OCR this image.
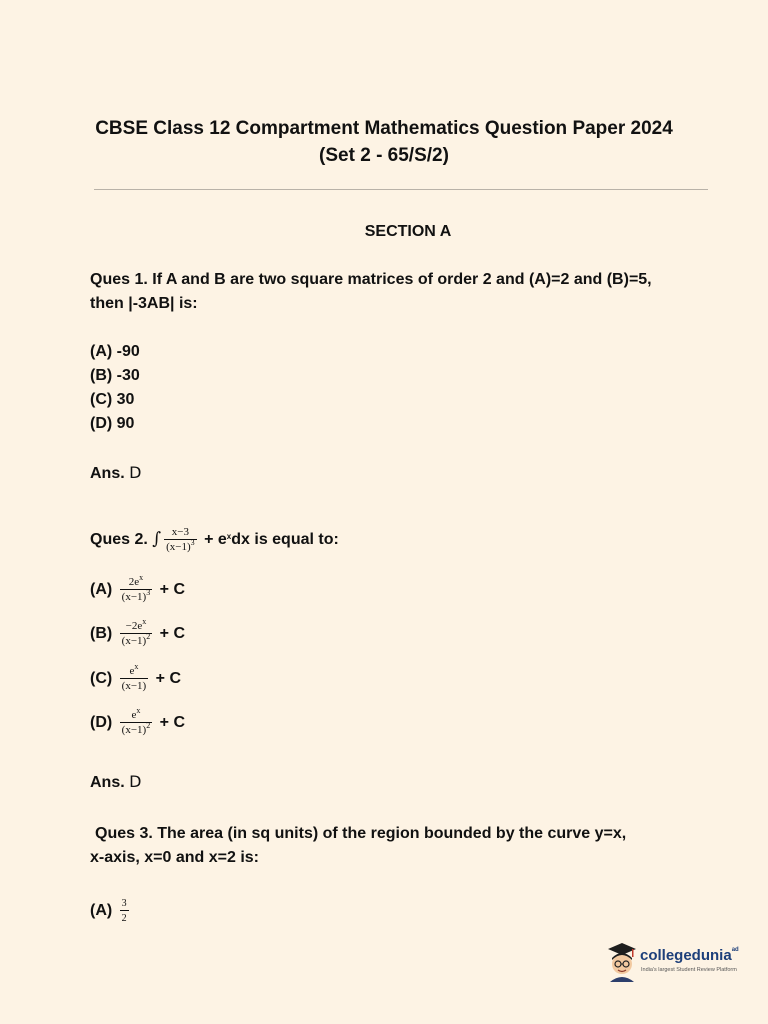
CBSE Class 12 Compartment Mathematics Question Paper 2024
(Set 2 - 65/S/2)
SECTION A
Ques 1. If A and B are two square matrices of order 2 and (A)=2 and (B)=5,
then |-3AB| is:
(A) -90
(B) -30
(C) 30
(D) 90
Ans. D
Ques 2. ∫ $\frac{x-3}{(x-1)^3} + e^xdx$ is equal to:
$(A) \frac{2e^x}{(x-1)^3} + C$
$(B) \frac{-2e^x}{(x-1)^2} + C$
$(C) \frac{e^x}{(x-1)} + C$
$(D) \frac{e^x}{(x-1)^2} + C$
Ans. D
Ques 3. The area (in sq units) of the region bounded by the curve y=x,
x-axis, x=0 and x=2 is:
$(A) \frac{3}{2}$
collegedunia$^{ad}$
India's largest Student Review Platform
